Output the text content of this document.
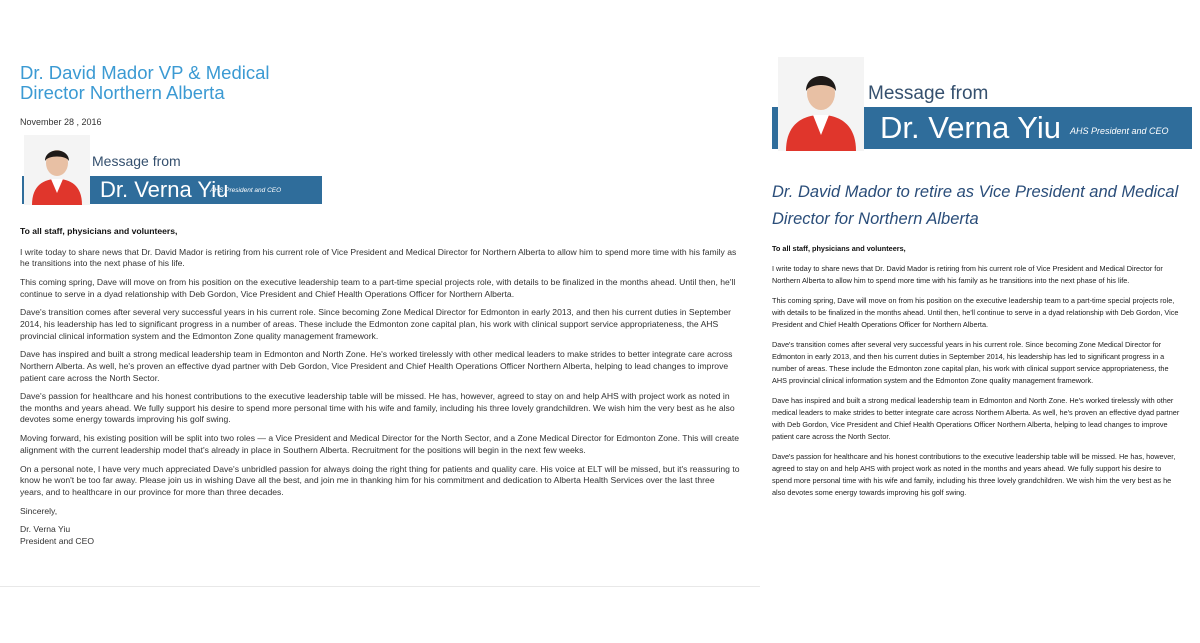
Dr. David Mador VP & Medical Director Northern Alberta
November 28 , 2016
Message from
Dr. Verna Yiu
AHS President and CEO

To all staff, physicians and volunteers,

I write today to share news that Dr. David Mador is retiring from his current role of Vice President and Medical Director for Northern Alberta to allow him to spend more time with his family as he transitions into the next phase of his life.

This coming spring, Dave will move on from his position on the executive leadership team to a part-time special projects role, with details to be finalized in the months ahead. Until then, he'll continue to serve in a dyad relationship with Deb Gordon, Vice President and Chief Health Operations Officer for Northern Alberta.

Dave's transition comes after several very successful years in his current role. Since becoming Zone Medical Director for Edmonton in early 2013, and then his current duties in September 2014, his leadership has led to significant progress in a number of areas. These include the Edmonton zone capital plan, his work with clinical support service appropriateness, the AHS provincial clinical information system and the Edmonton Zone quality management framework.

Dave has inspired and built a strong medical leadership team in Edmonton and North Zone. He's worked tirelessly with other medical leaders to make strides to better integrate care across Northern Alberta. As well, he's proven an effective dyad partner with Deb Gordon, Vice President and Chief Health Operations Officer Northern Alberta, helping to lead changes to improve patient care across the North Sector.

Dave's passion for healthcare and his honest contributions to the executive leadership table will be missed. He has, however, agreed to stay on and help AHS with project work as noted in the months and years ahead. We fully support his desire to spend more personal time with his wife and family, including his three lovely grandchildren. We wish him the very best as he also devotes some energy towards improving his golf swing.

Moving forward, his existing position will be split into two roles — a Vice President and Medical Director for the North Sector, and a Zone Medical Director for Edmonton Zone. This will create alignment with the current leadership model that's already in place in Southern Alberta. Recruitment for the positions will begin in the next few weeks.

On a personal note, I have very much appreciated Dave's unbridled passion for always doing the right thing for patients and quality care. His voice at ELT will be missed, but it's reassuring to know he won't be too far away. Please join us in wishing Dave all the best, and join me in thanking him for his commitment and dedication to Alberta Health Services over the last three years, and to healthcare in our province for more than three decades.

Sincerely,

Dr. Verna Yiu
President and CEO
Message from
Dr. Verna Yiu AHS President and CEO
Dr. David Mador to retire as Vice President and Medical Director for Northern Alberta

To all staff, physicians and volunteers,

I write today to share news that Dr. David Mador is retiring from his current role of Vice President and Medical Director for Northern Alberta to allow him to spend more time with his family as he transitions into the next phase of his life.

This coming spring, Dave will move on from his position on the executive leadership team to a part-time special projects role, with details to be finalized in the months ahead. Until then, he'll continue to serve in a dyad relationship with Deb Gordon, Vice President and Chief Health Operations Officer for Northern Alberta.

Dave's transition comes after several very successful years in his current role. Since becoming Zone Medical Director for Edmonton in early 2013, and then his current duties in September 2014, his leadership has led to significant progress in a number of areas. These include the Edmonton zone capital plan, his work with clinical support service appropriateness, the AHS provincial clinical information system and the Edmonton Zone quality management framework.

Dave has inspired and built a strong medical leadership team in Edmonton and North Zone. He's worked tirelessly with other medical leaders to make strides to better integrate care across Northern Alberta. As well, he's proven an effective dyad partner with Deb Gordon, Vice President and Chief Health Operations Officer Northern Alberta, helping to lead changes to improve patient care across the North Sector.

Dave's passion for healthcare and his honest contributions to the executive leadership table will be missed. He has, however, agreed to stay on and help AHS with project work as noted in the months and years ahead. We fully support his desire to spend more personal time with his wife and family, including his three lovely grandchildren. We wish him the very best as he also devotes some energy towards improving his golf swing.
